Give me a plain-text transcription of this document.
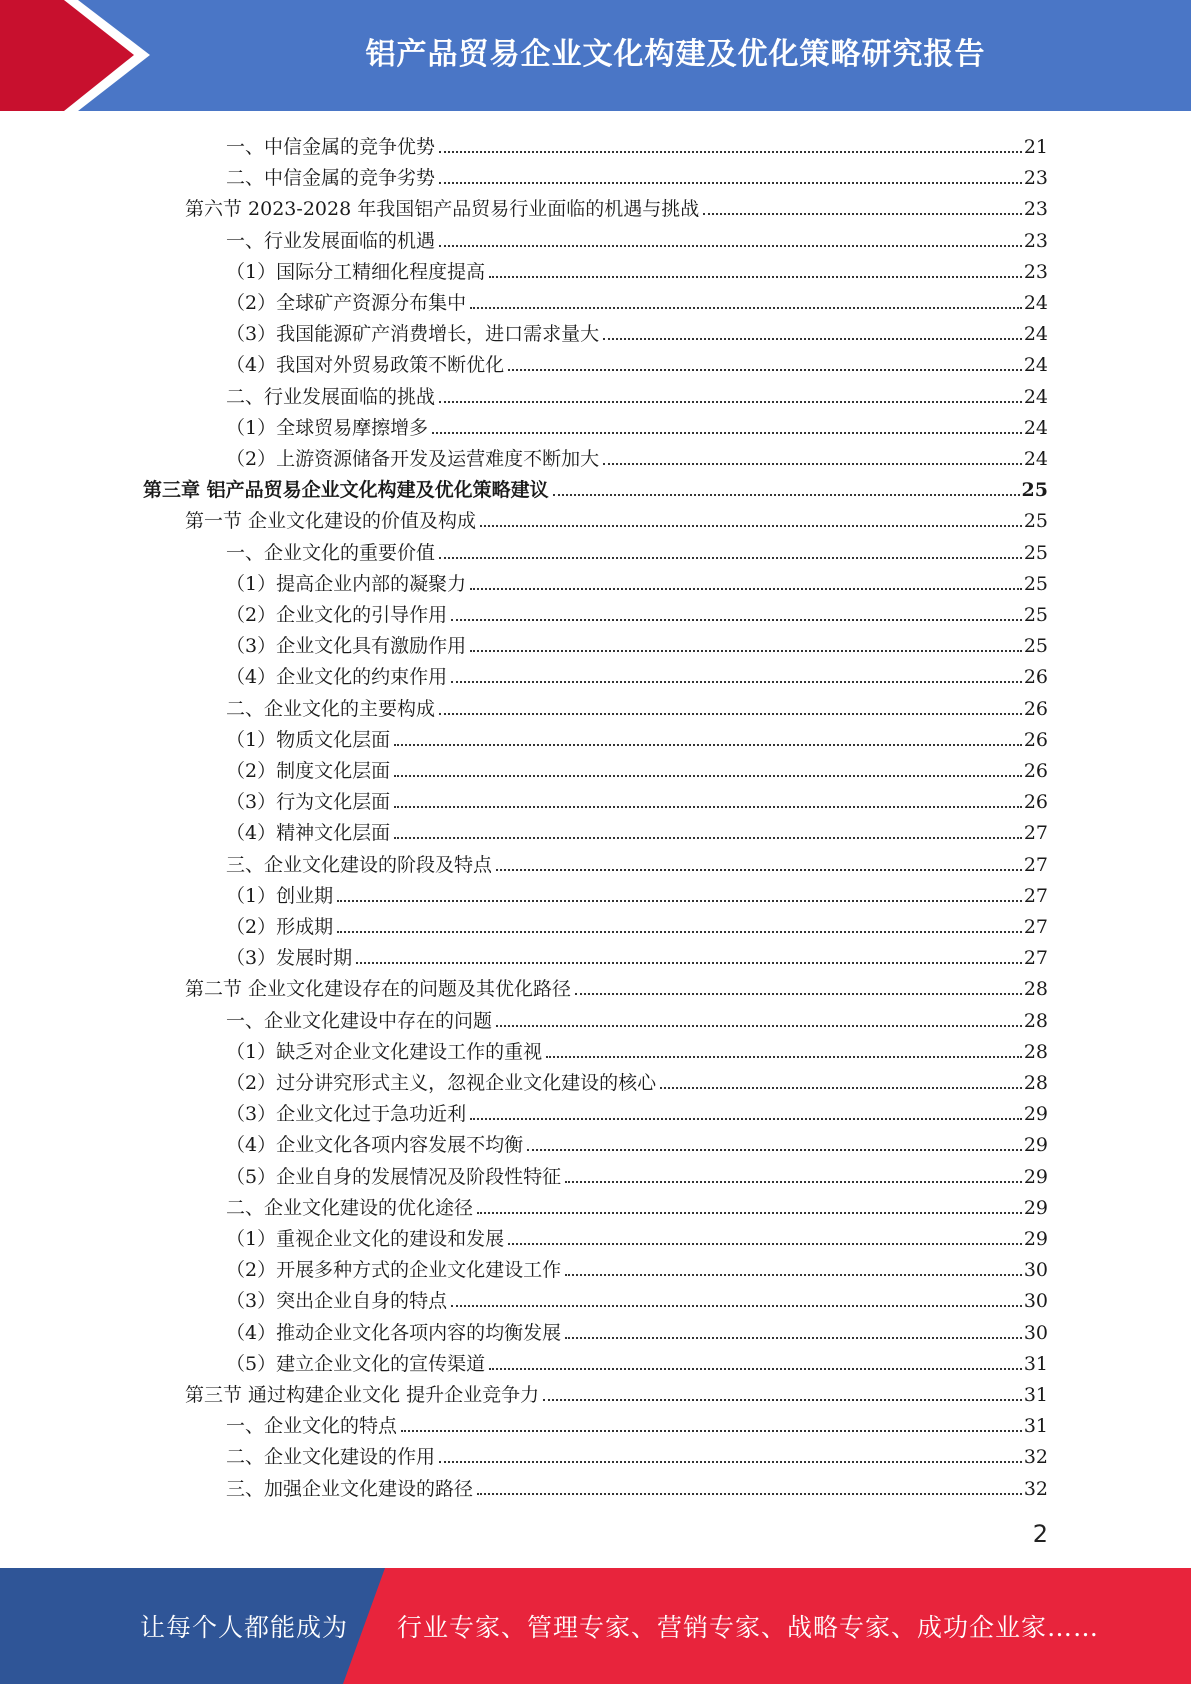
铝产品贸易企业文化构建及优化策略研究报告
一、中信金属的竞争优势	21
二、中信金属的竞争劣势	23
第六节 2023-2028 年我国铝产品贸易行业面临的机遇与挑战	23
一、行业发展面临的机遇	23
（1）国际分工精细化程度提高	23
（2）全球矿产资源分布集中	24
（3）我国能源矿产消费增长，进口需求量大	24
（4）我国对外贸易政策不断优化	24
二、行业发展面临的挑战	24
（1）全球贸易摩擦增多	24
（2）上游资源储备开发及运营难度不断加大	24
第三章 铝产品贸易企业文化构建及优化策略建议	25
第一节 企业文化建设的价值及构成	25
一、企业文化的重要价值	25
（1）提高企业内部的凝聚力	25
（2）企业文化的引导作用	25
（3）企业文化具有激励作用	25
（4）企业文化的约束作用	26
二、企业文化的主要构成	26
（1）物质文化层面	26
（2）制度文化层面	26
（3）行为文化层面	26
（4）精神文化层面	27
三、企业文化建设的阶段及特点	27
（1）创业期	27
（2）形成期	27
（3）发展时期	27
第二节 企业文化建设存在的问题及其优化路径	28
一、企业文化建设中存在的问题	28
（1）缺乏对企业文化建设工作的重视	28
（2）过分讲究形式主义，忽视企业文化建设的核心	28
（3）企业文化过于急功近利	29
（4）企业文化各项内容发展不均衡	29
（5）企业自身的发展情况及阶段性特征	29
二、企业文化建设的优化途径	29
（1）重视企业文化的建设和发展	29
（2）开展多种方式的企业文化建设工作	30
（3）突出企业自身的特点	30
（4）推动企业文化各项内容的均衡发展	30
（5）建立企业文化的宣传渠道	31
第三节 通过构建企业文化 提升企业竞争力	31
一、企业文化的特点	31
二、企业文化建设的作用	32
三、加强企业文化建设的路径	32
2
让每个人都能成为 行业专家、管理专家、营销专家、战略专家、成功企业家……
